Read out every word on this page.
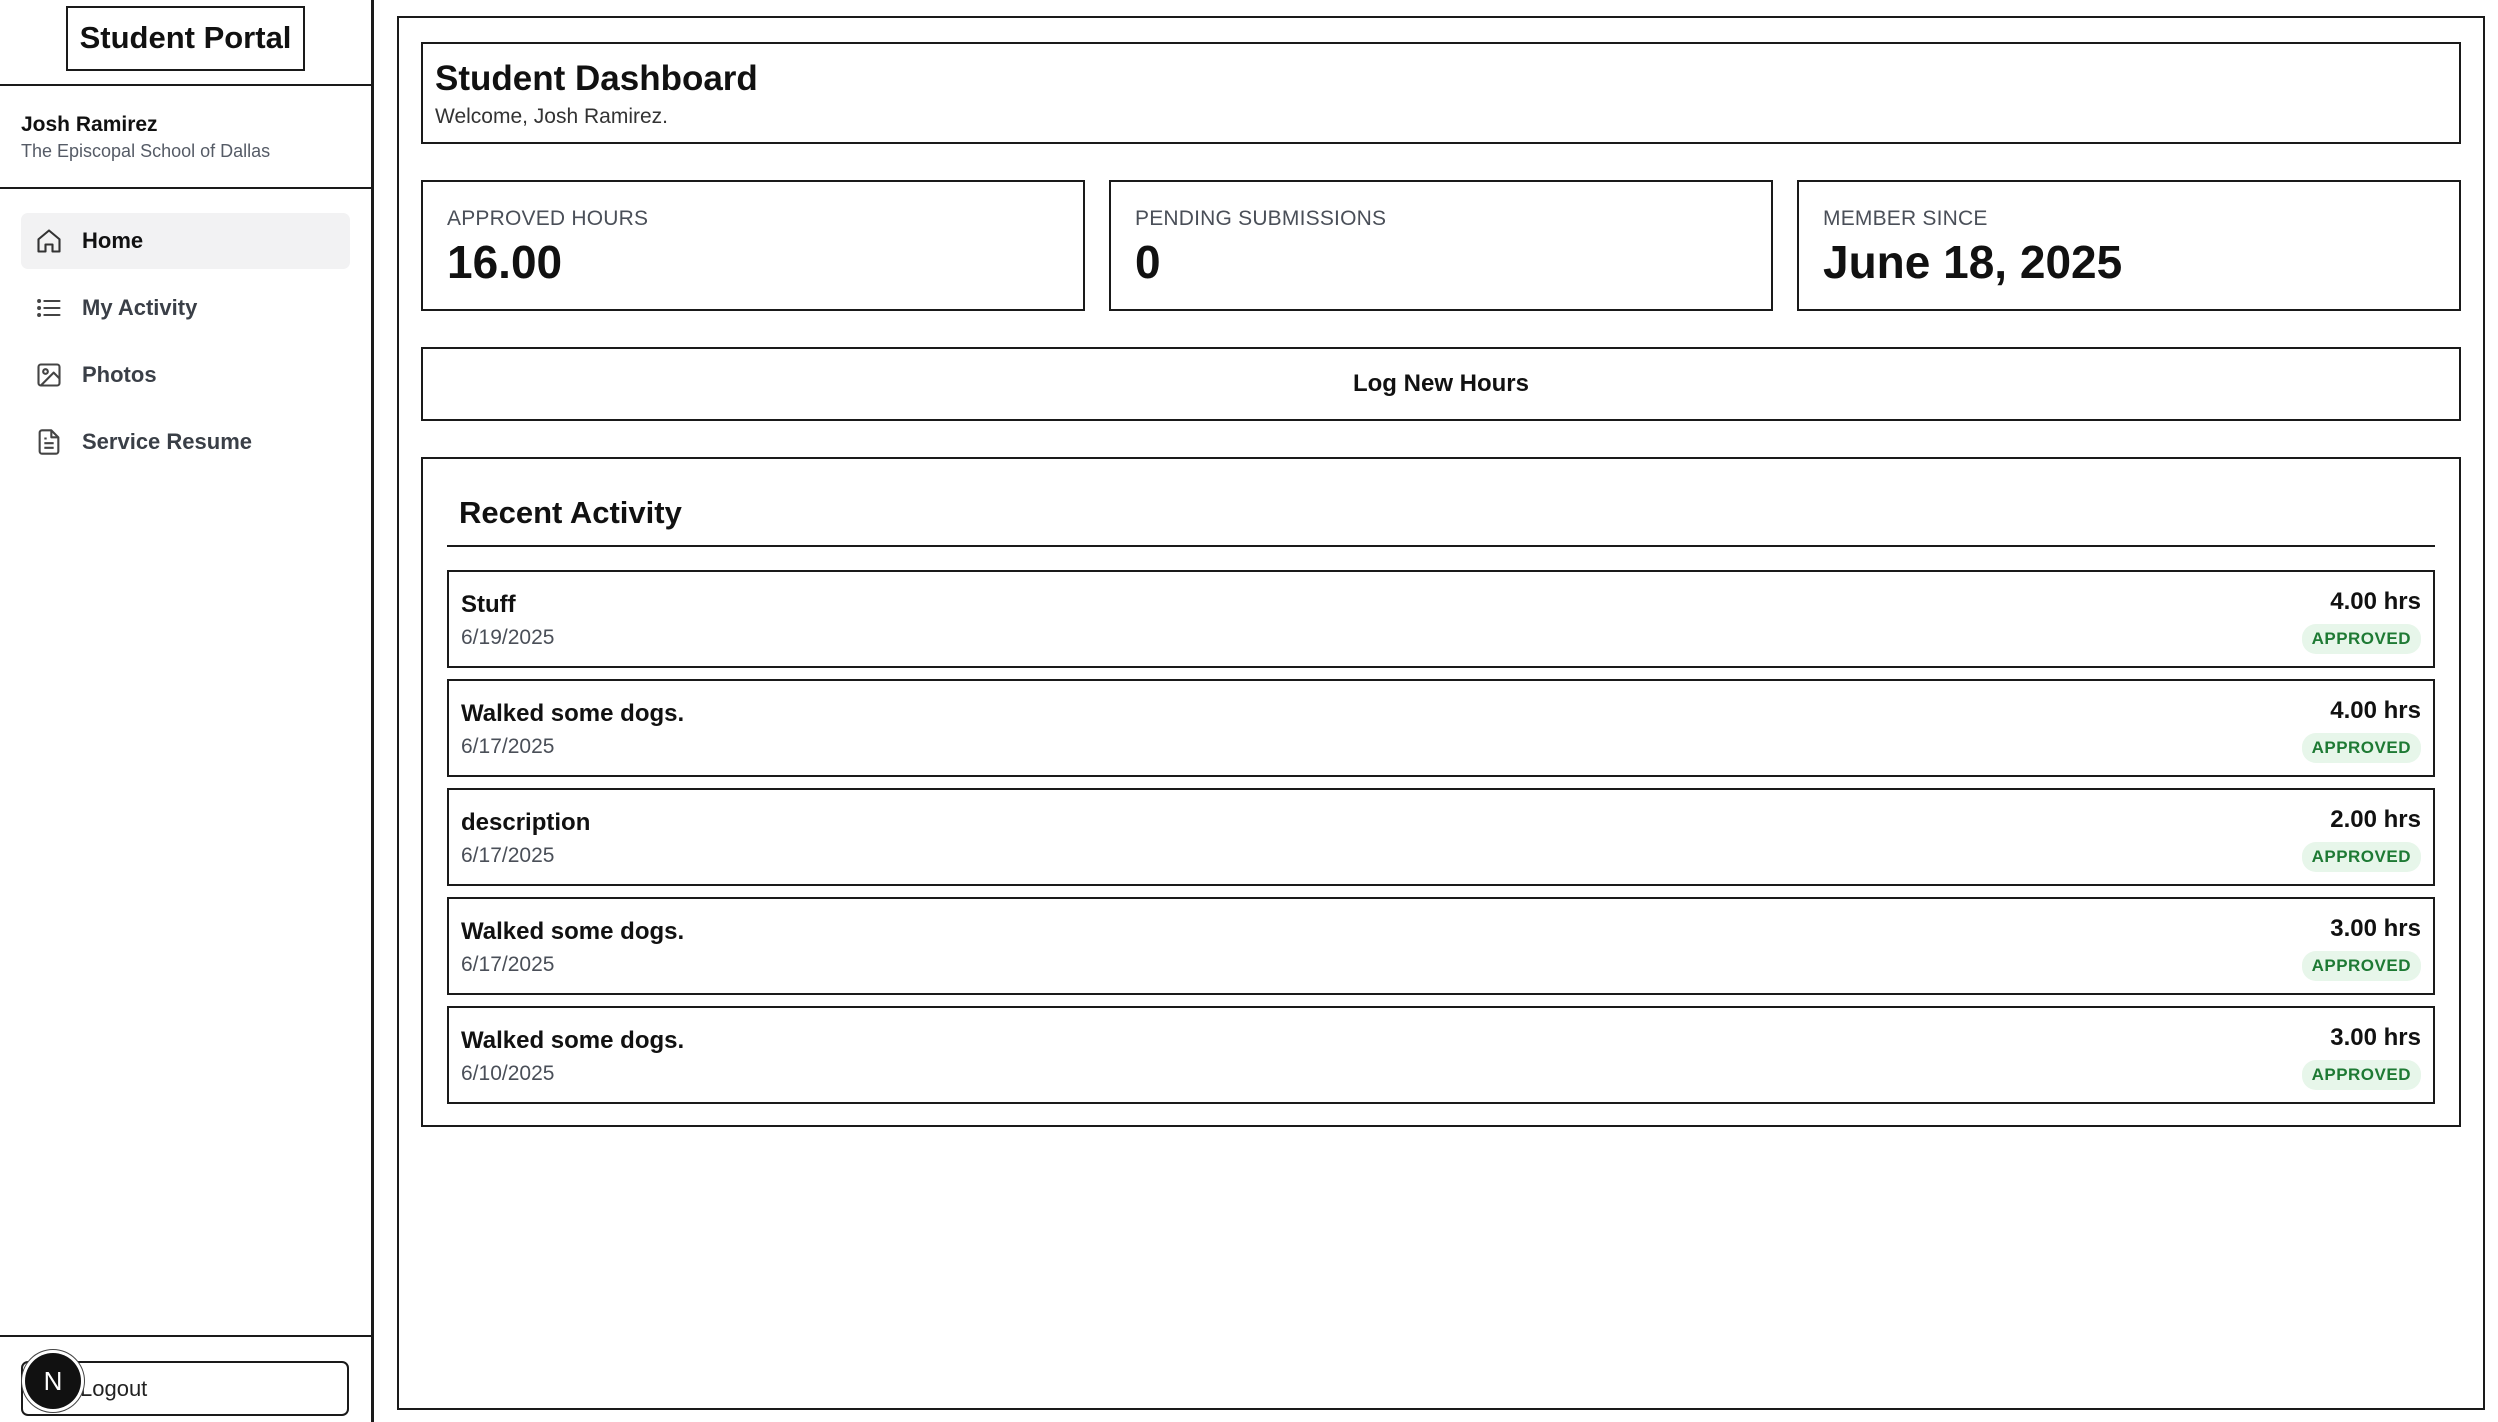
Student Portal
Josh Ramirez
The Episcopal School of Dallas
Home
My Activity
Photos
Service Resume
Logout
N
Student Dashboard
Welcome, Josh Ramirez.
APPROVED HOURS
16.00
PENDING SUBMISSIONS
0
MEMBER SINCE
June 18, 2025
Log New Hours
Recent Activity
Stuff
6/19/2025
4.00 hrs
APPROVED
Walked some dogs.
6/17/2025
4.00 hrs
APPROVED
description
6/17/2025
2.00 hrs
APPROVED
Walked some dogs.
6/17/2025
3.00 hrs
APPROVED
Walked some dogs.
6/10/2025
3.00 hrs
APPROVED
